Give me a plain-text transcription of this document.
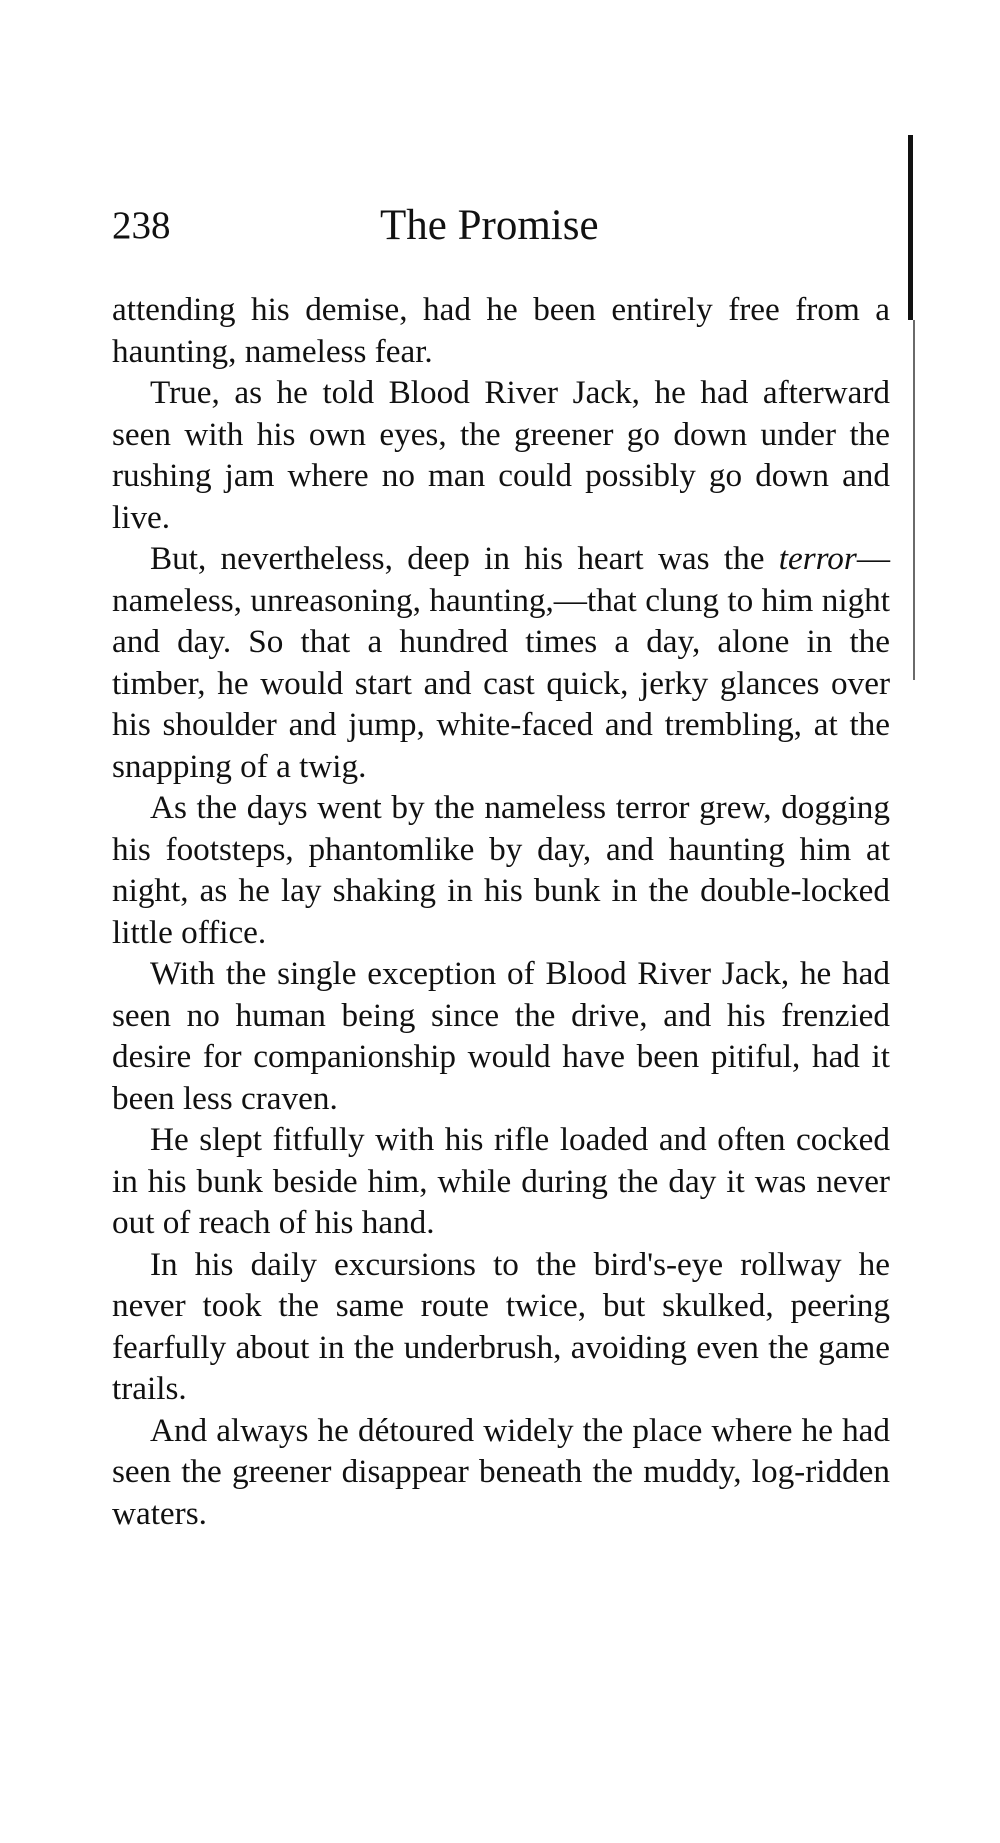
238	The Promise

attending his demise, had he been entirely free from a haunting, nameless fear.

True, as he told Blood River Jack, he had afterward seen with his own eyes, the greener go down under the rushing jam where no man could possibly go down and live.

But, nevertheless, deep in his heart was the terror—nameless, unreasoning, haunting,—that clung to him night and day. So that a hundred times a day, alone in the timber, he would start and cast quick, jerky glances over his shoulder and jump, white-faced and trembling, at the snapping of a twig.

As the days went by the nameless terror grew, dogging his footsteps, phantomlike by day, and haunting him at night, as he lay shaking in his bunk in the double-locked little office.

With the single exception of Blood River Jack, he had seen no human being since the drive, and his frenzied desire for companionship would have been pitiful, had it been less craven.

He slept fitfully with his rifle loaded and often cocked in his bunk beside him, while during the day it was never out of reach of his hand.

In his daily excursions to the bird's-eye rollway he never took the same route twice, but skulked, peering fearfully about in the underbrush, avoiding even the game trails.

And always he détoured widely the place where he had seen the greener disappear beneath the muddy, log-ridden waters.
